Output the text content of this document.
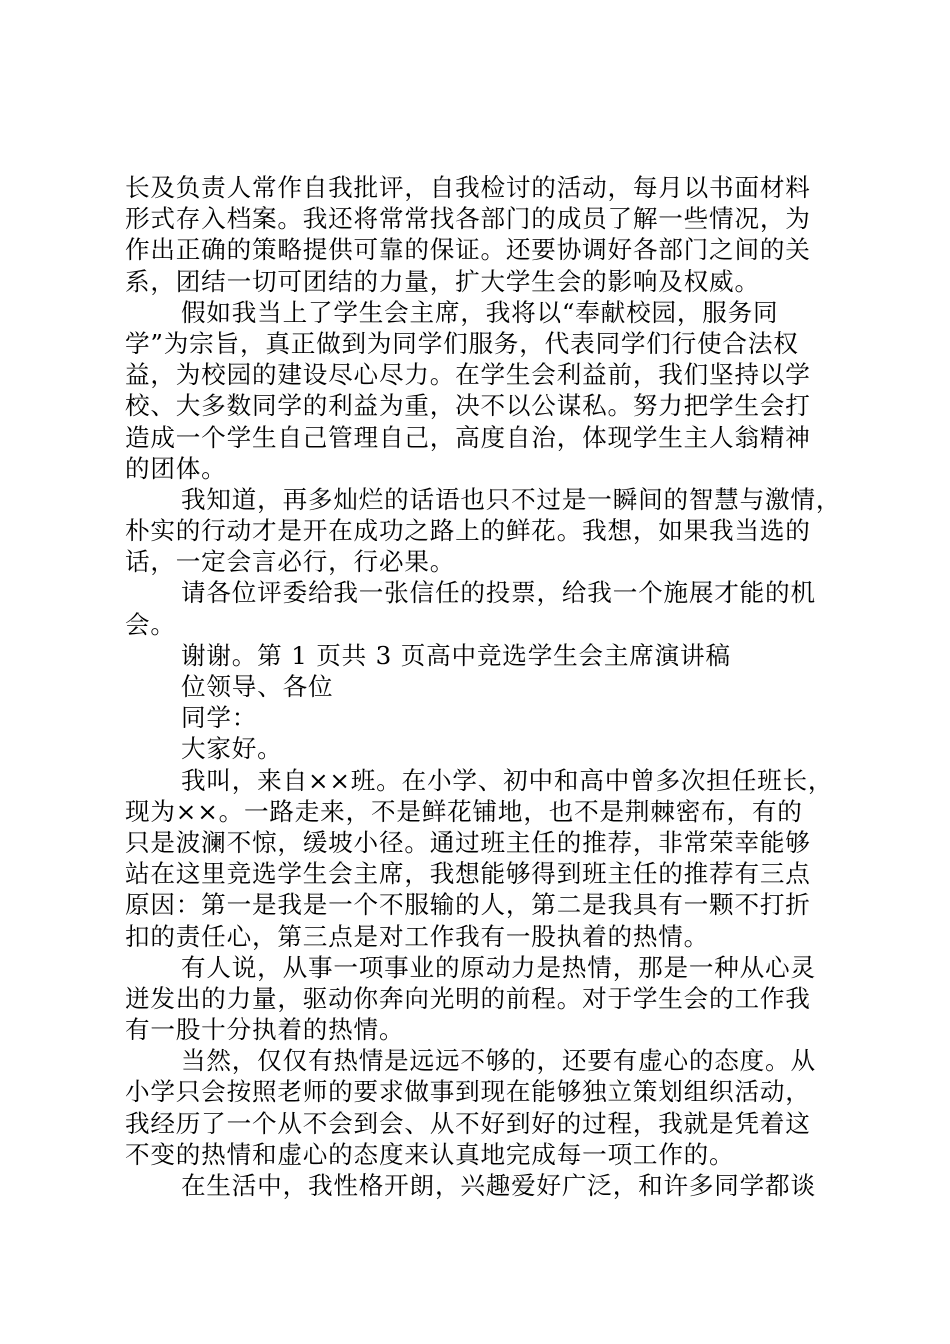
长及负责人常作自我批评，自我检讨的活动，每月以书面材料
形式存入档案。我还将常常找各部门的成员了解一些情况，为
作出正确的策略提供可靠的保证。还要协调好各部门之间的关
系，团结一切可团结的力量，扩大学生会的影响及权威。
假如我当上了学生会主席，我将以“奉献校园，服务同
学”为宗旨，真正做到为同学们服务，代表同学们行使合法权
益，为校园的建设尽心尽力。在学生会利益前，我们坚持以学
校、大多数同学的利益为重，决不以公谋私。努力把学生会打
造成一个学生自己管理自己，高度自治，体现学生主人翁精神
的团体。
我知道，再多灿烂的话语也只不过是一瞬间的智慧与激情，
朴实的行动才是开在成功之路上的鲜花。我想，如果我当选的
话，一定会言必行，行必果。
请各位评委给我一张信任的投票，给我一个施展才能的机
会。
谢谢。第 1 页共 3 页高中竞选学生会主席演讲稿
位领导、各位
同学：
大家好。
我叫，来自××班。在小学、初中和高中曾多次担任班长，
现为××。一路走来，不是鲜花铺地，也不是荆棘密布，有的
只是波澜不惊，缓坡小径。通过班主任的推荐，非常荣幸能够
站在这里竞选学生会主席，我想能够得到班主任的推荐有三点
原因：第一是我是一个不服输的人，第二是我具有一颗不打折
扣的责任心，第三点是对工作我有一股执着的热情。
有人说，从事一项事业的原动力是热情，那是一种从心灵
迸发出的力量，驱动你奔向光明的前程。对于学生会的工作我
有一股十分执着的热情。
当然，仅仅有热情是远远不够的，还要有虚心的态度。从
小学只会按照老师的要求做事到现在能够独立策划组织活动，
我经历了一个从不会到会、从不好到好的过程，我就是凭着这
不变的热情和虚心的态度来认真地完成每一项工作的。
在生活中，我性格开朗，兴趣爱好广泛，和许多同学都谈
